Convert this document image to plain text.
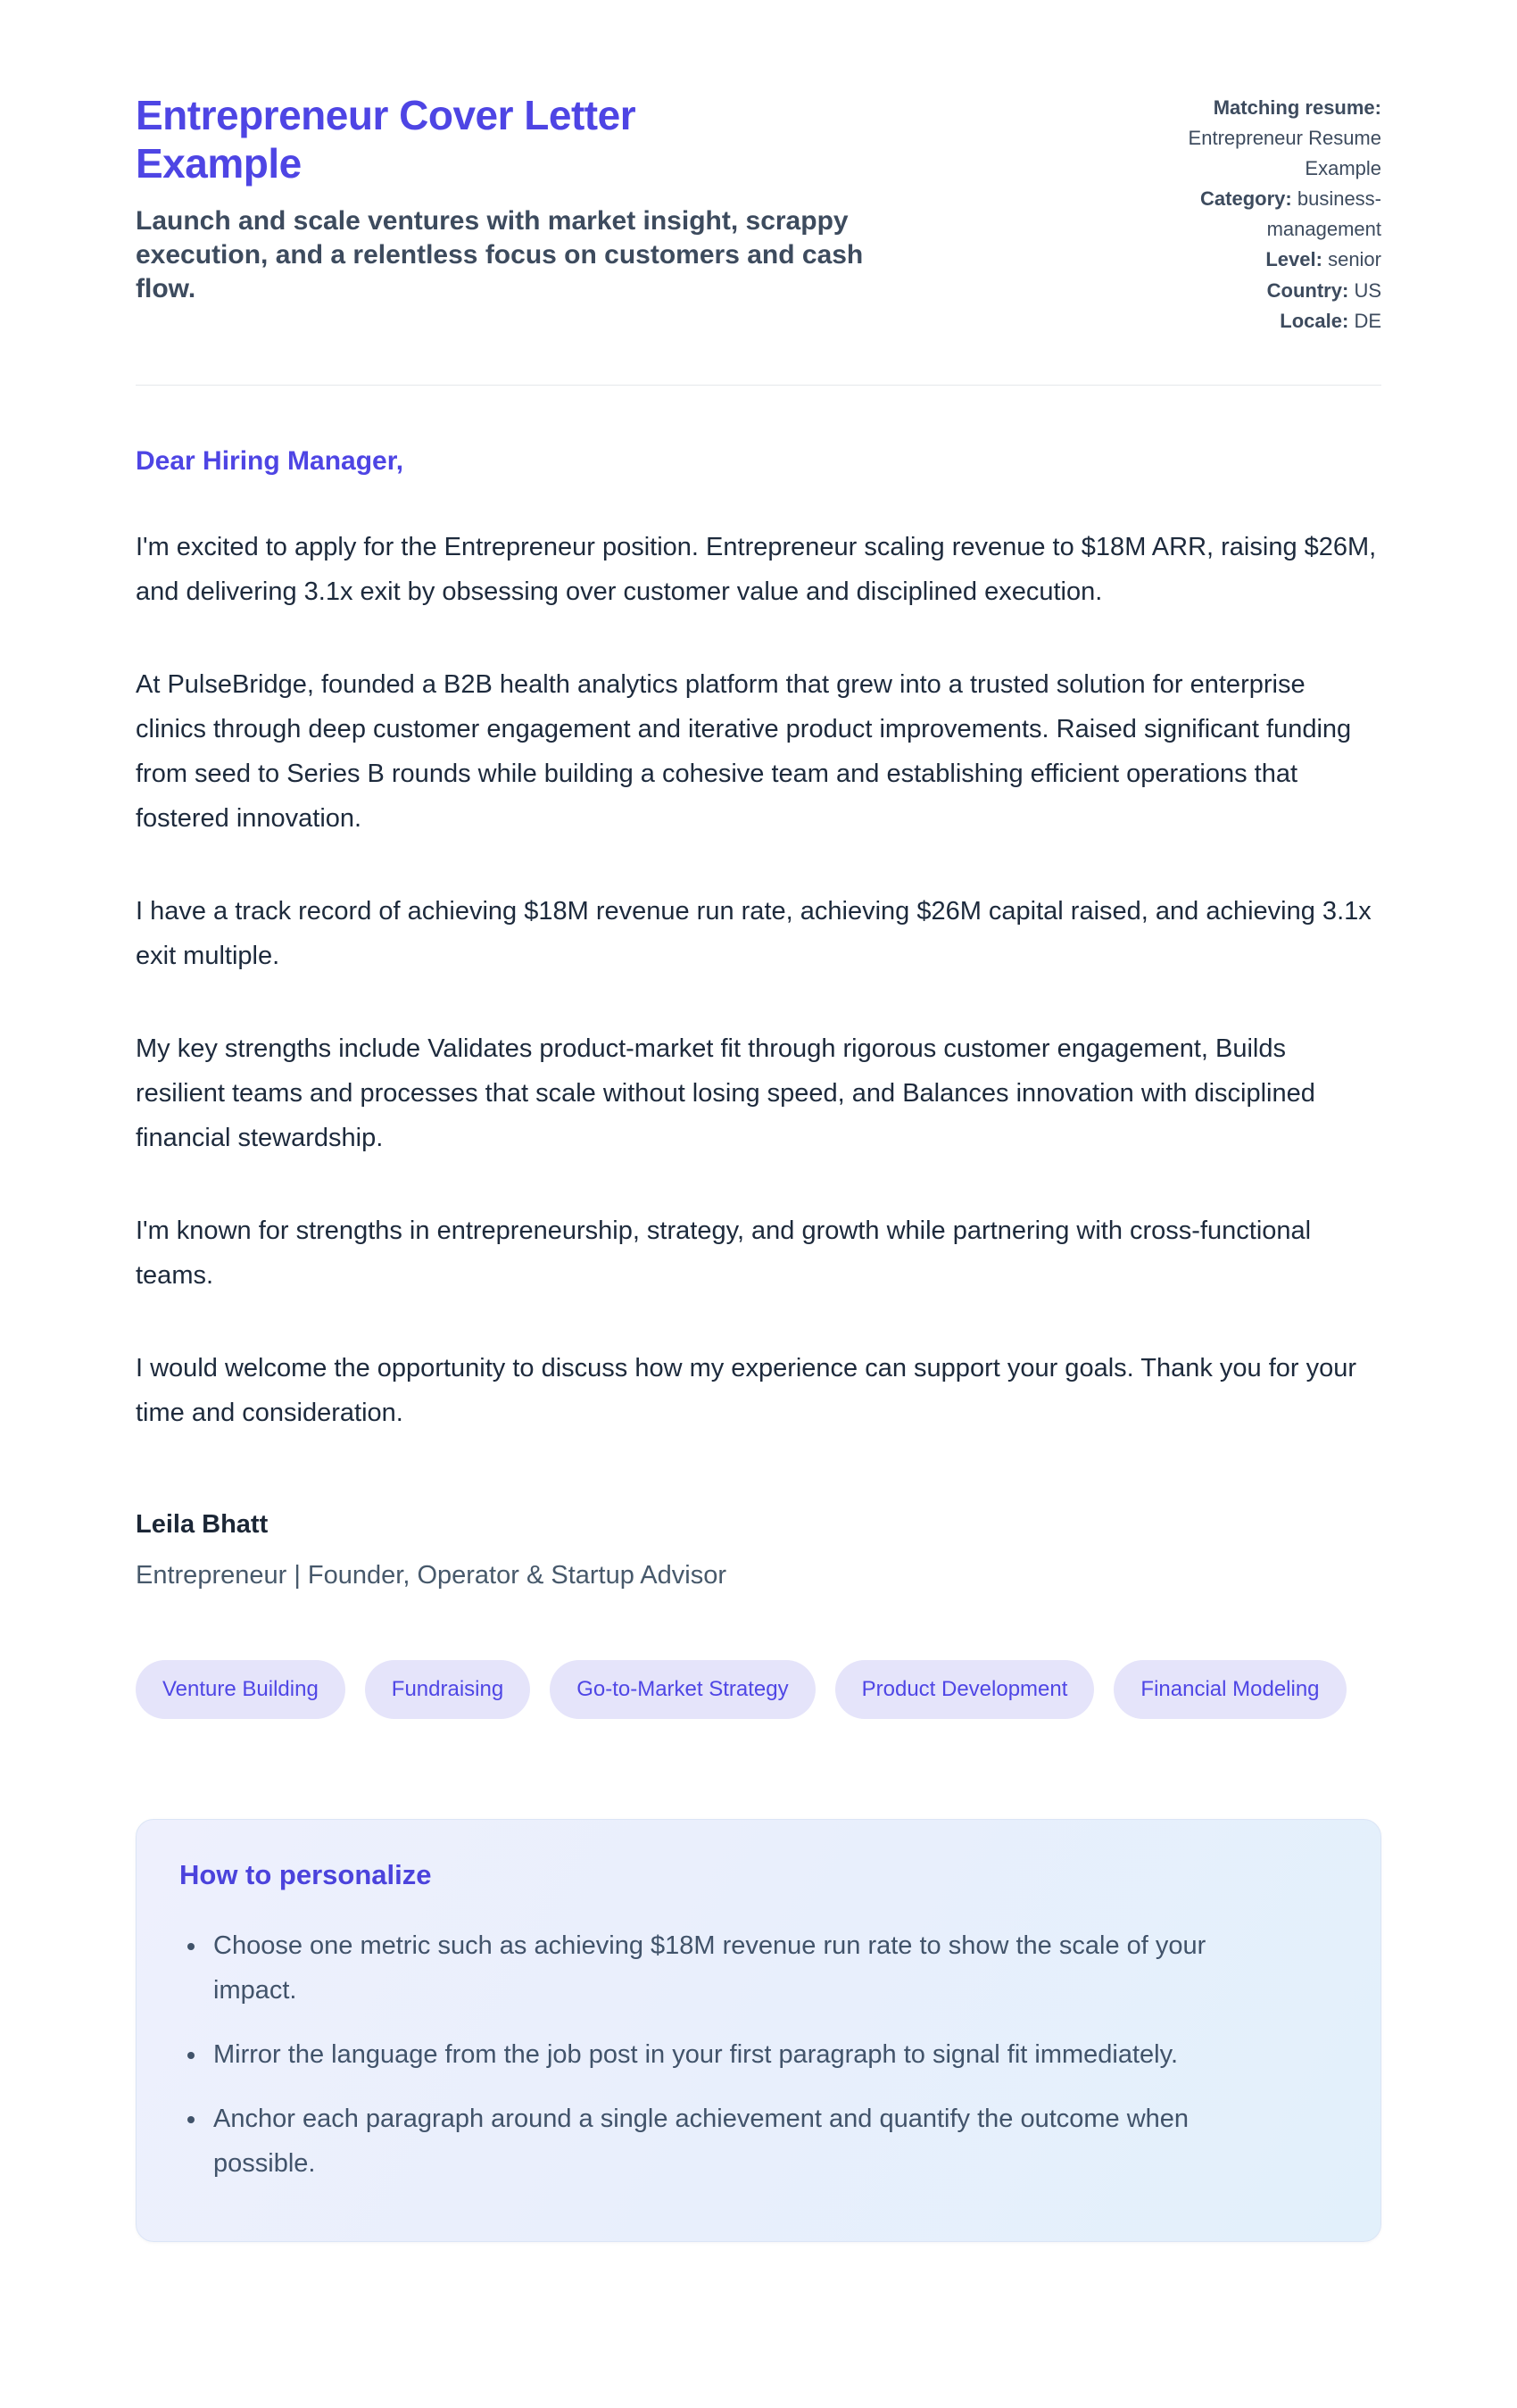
Entrepreneur Cover Letter Example

Launch and scale ventures with market insight, scrappy execution, and a relentless focus on customers and cash flow.

Matching resume: Entrepreneur Resume Example
Category: business-management
Level: senior
Country: US
Locale: DE

Dear Hiring Manager,

I'm excited to apply for the Entrepreneur position. Entrepreneur scaling revenue to $18M ARR, raising $26M, and delivering 3.1x exit by obsessing over customer value and disciplined execution.

At PulseBridge, founded a B2B health analytics platform that grew into a trusted solution for enterprise clinics through deep customer engagement and iterative product improvements. Raised significant funding from seed to Series B rounds while building a cohesive team and establishing efficient operations that fostered innovation.

I have a track record of achieving $18M revenue run rate, achieving $26M capital raised, and achieving 3.1x exit multiple.

My key strengths include Validates product-market fit through rigorous customer engagement, Builds resilient teams and processes that scale without losing speed, and Balances innovation with disciplined financial stewardship.

I'm known for strengths in entrepreneurship, strategy, and growth while partnering with cross-functional teams.

I would welcome the opportunity to discuss how my experience can support your goals. Thank you for your time and consideration.

Leila Bhatt

Entrepreneur | Founder, Operator & Startup Advisor

Venture Building	Fundraising	Go-to-Market Strategy	Product Development	Financial Modeling
How to personalize
• Choose one metric such as achieving $18M revenue run rate to show the scale of your impact.
• Mirror the language from the job post in your first paragraph to signal fit immediately.
• Anchor each paragraph around a single achievement and quantify the outcome when possible.
